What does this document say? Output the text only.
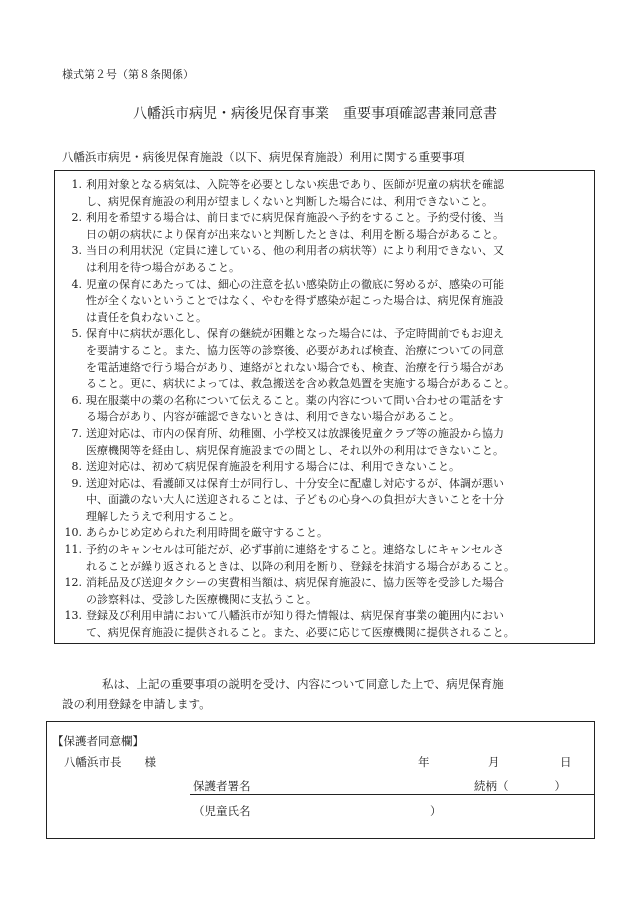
様式第２号（第８条関係）
八幡浜市病児・病後児保育事業　重要事項確認書兼同意書
八幡浜市病児・病後児保育施設（以下、病児保育施設）利用に関する重要事項
1. 利用対象となる病気は、入院等を必要としない疾患であり、医師が児童の病状を確認
し、病児保育施設の利用が望ましくないと判断した場合には、利用できないこと。
2. 利用を希望する場合は、前日までに病児保育施設へ予約をすること。予約受付後、当
日の朝の病状により保育が出来ないと判断したときは、利用を断る場合があること。
3. 当日の利用状況（定員に達している、他の利用者の病状等）により利用できない、又
は利用を待つ場合があること。
4. 児童の保育にあたっては、細心の注意を払い感染防止の徹底に努めるが、感染の可能
性が全くないということではなく、やむを得ず感染が起こった場合は、病児保育施設
は責任を負わないこと。
5. 保育中に病状が悪化し、保育の継続が困難となった場合には、予定時間前でもお迎え
を要請すること。また、協力医等の診察後、必要があれば検査、治療についての同意
を電話連絡で行う場合があり、連絡がとれない場合でも、検査、治療を行う場合があ
ること。更に、病状によっては、救急搬送を含め救急処置を実施する場合があること。
6. 現在服薬中の薬の名称について伝えること。薬の内容について問い合わせの電話をす
る場合があり、内容が確認できないときは、利用できない場合があること。
7. 送迎対応は、市内の保育所、幼稚園、小学校又は放課後児童クラブ等の施設から協力
医療機関等を経由し、病児保育施設までの間とし、それ以外の利用はできないこと。
8. 送迎対応は、初めて病児保育施設を利用する場合には、利用できないこと。
9. 送迎対応は、看護師又は保育士が同行し、十分安全に配慮し対応するが、体調が悪い
中、面識のない大人に送迎されることは、子どもの心身への負担が大きいことを十分
理解したうえで利用すること。
10. あらかじめ定められた利用時間を厳守すること。
11. 予約のキャンセルは可能だが、必ず事前に連絡をすること。連絡なしにキャンセルさ
れることが繰り返されるときは、以降の利用を断り、登録を抹消する場合があること。
12. 消耗品及び送迎タクシーの実費相当額は、病児保育施設に、協力医等を受診した場合
の診察料は、受診した医療機関に支払うこと。
13. 登録及び利用申請において八幡浜市が知り得た情報は、病児保育事業の範囲内におい
て、病児保育施設に提供されること。また、必要に応じて医療機関に提供されること。
私は、上記の重要事項の説明を受け、内容について同意した上で、病児保育施
設の利用登録を申請します。
【保護者同意欄】
八幡浜市長　　様	年	月	日
保護者署名	続柄（　　　　）
（児童氏名	）
